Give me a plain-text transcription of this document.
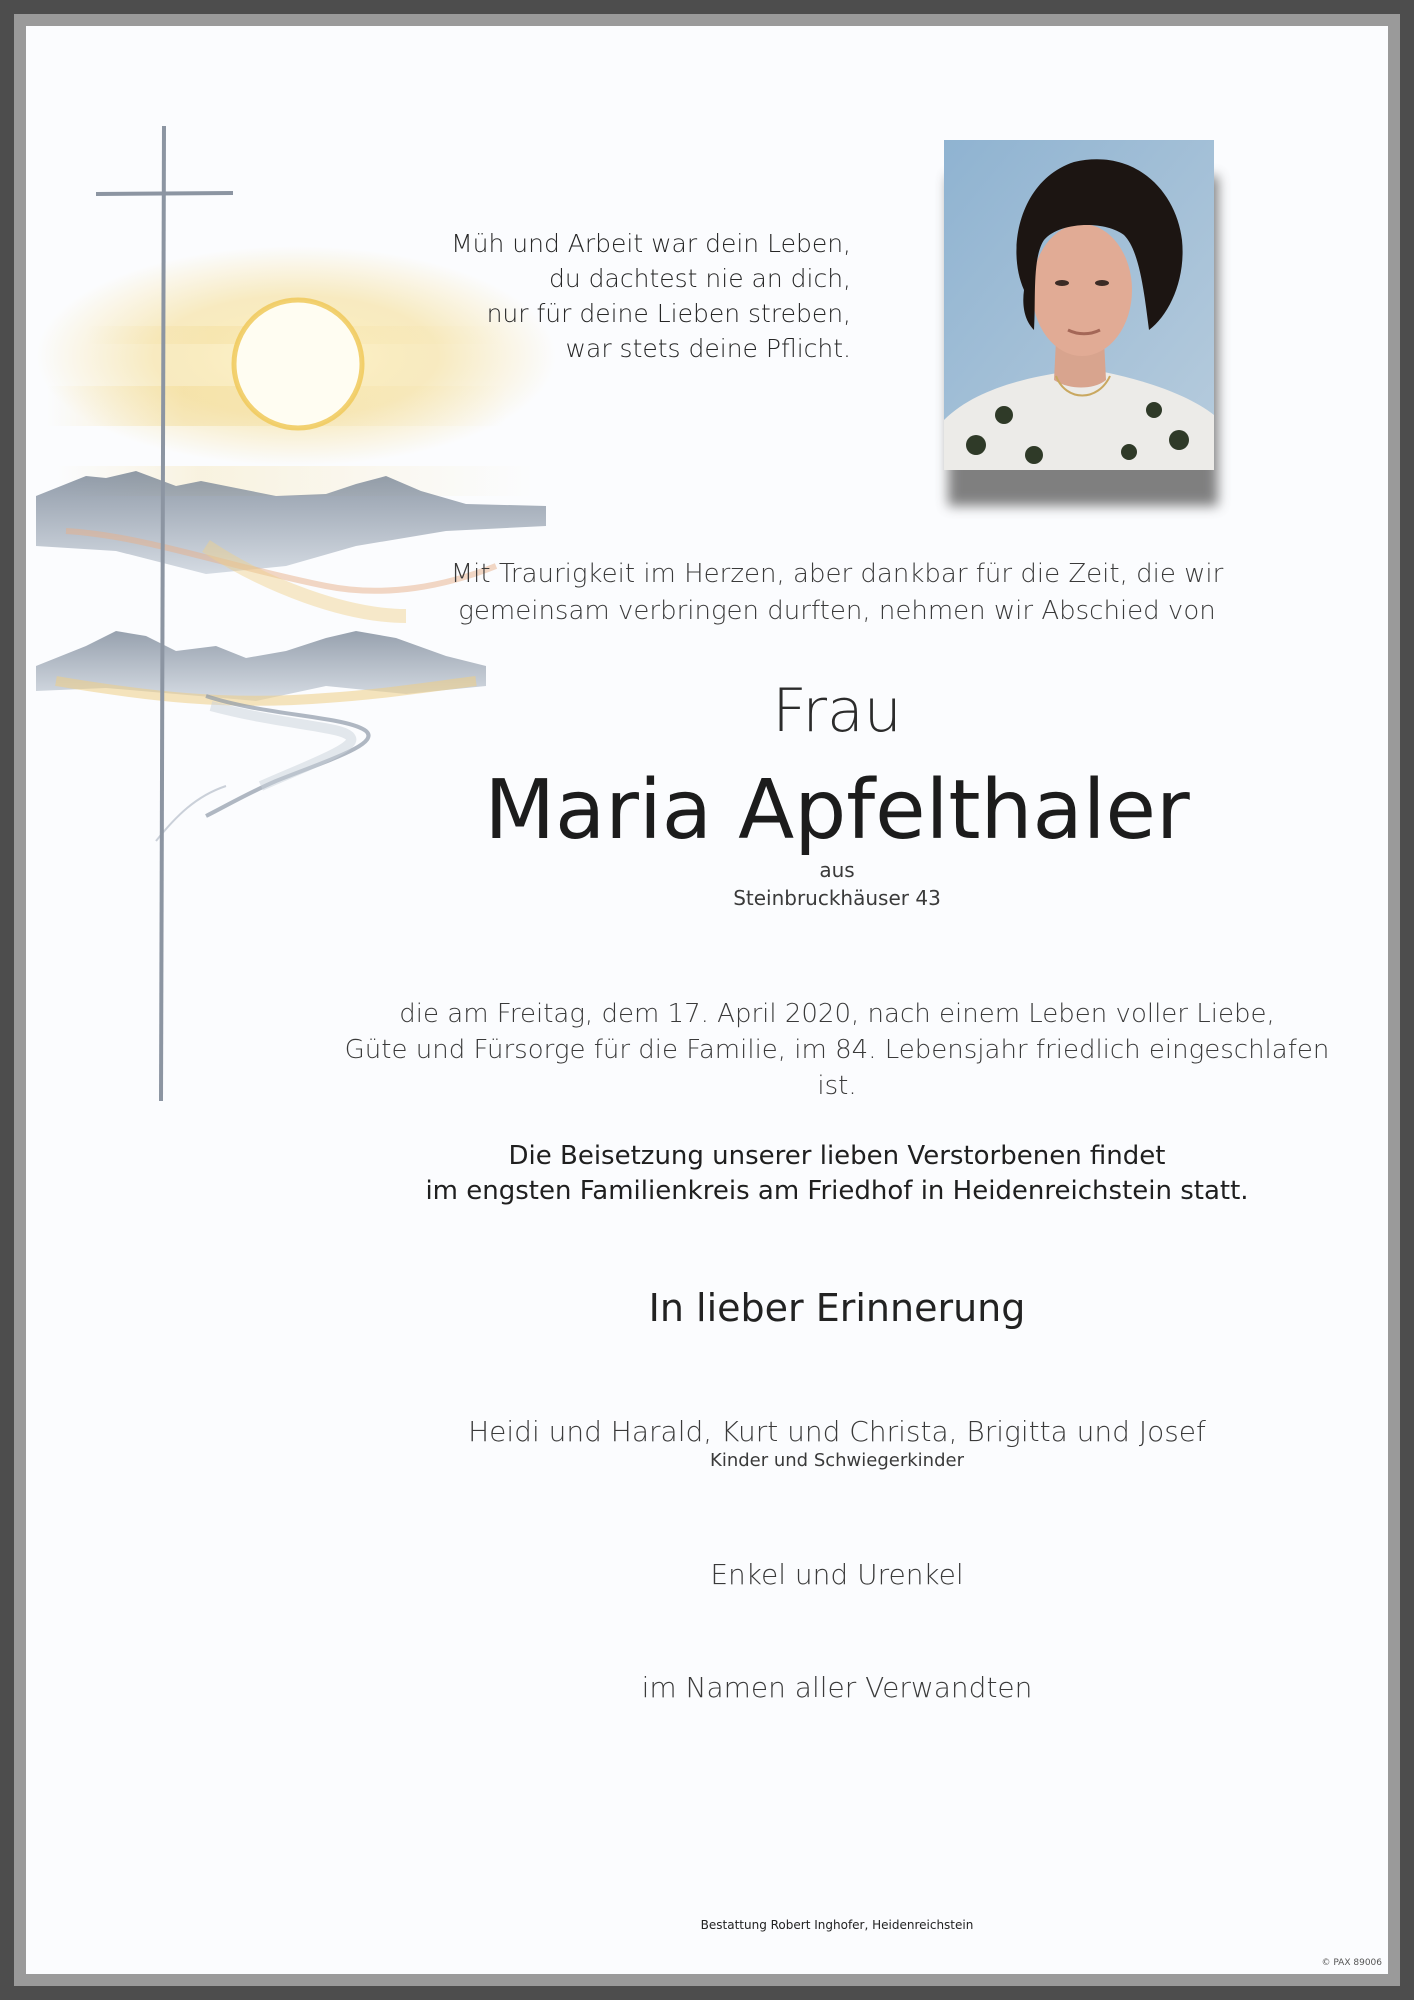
Müh und Arbeit war dein Leben,
du dachtest nie an dich,
nur für deine Lieben streben,
war stets deine Pflicht.
Mit Traurigkeit im Herzen, aber dankbar für die Zeit, die wir
gemeinsam verbringen durften, nehmen wir Abschied von
Frau
Maria Apfelthaler
aus
Steinbruckhäuser 43
die am Freitag, dem 17. April 2020, nach einem Leben voller Liebe,
Güte und Fürsorge für die Familie, im 84. Lebensjahr friedlich eingeschlafen ist.
Die Beisetzung unserer lieben Verstorbenen findet
im engsten Familienkreis am Friedhof in Heidenreichstein statt.
In lieber Erinnerung
Heidi und Harald, Kurt und Christa, Brigitta und Josef
Kinder und Schwiegerkinder
Enkel und Urenkel
im Namen aller Verwandten
Bestattung Robert Inghofer, Heidenreichstein
© PAX 89006
